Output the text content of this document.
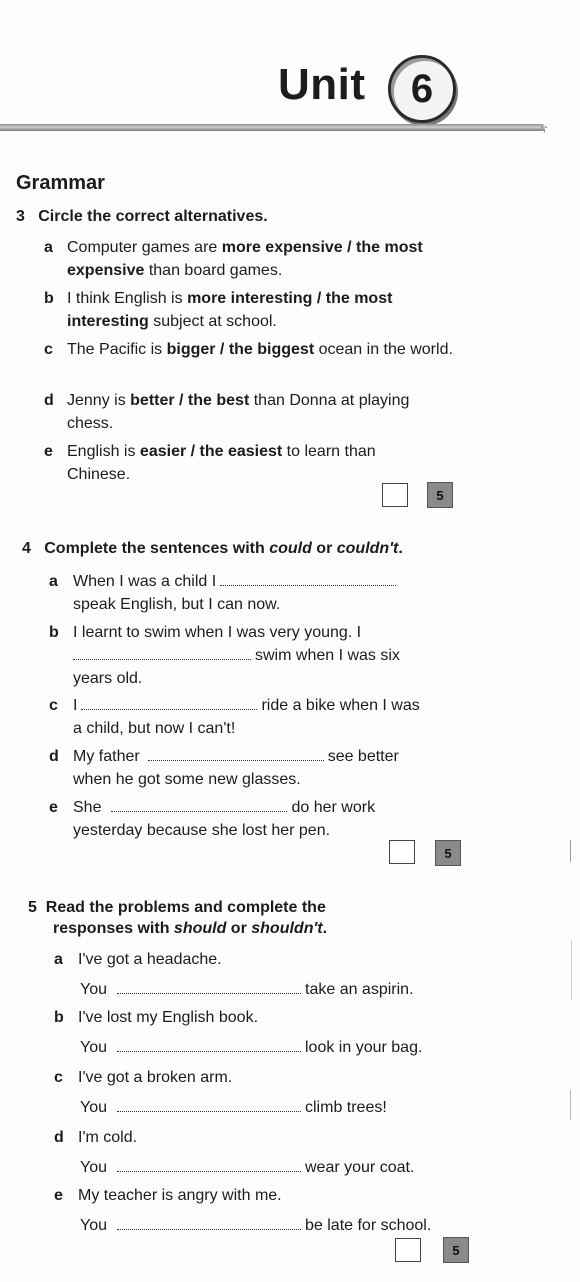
Unit	6
·‚·
Grammar
3 Circle the correct alternatives.
a Computer games are more expensive / the most expensive than board games.
b I think English is more interesting / the most interesting subject at school.
c The Pacific is bigger / the biggest ocean in the world.
d Jenny is better / the best than Donna at playing chess.
e English is easier / the easiest to learn than Chinese.
5
4 Complete the sentences with could or couldn't.
a When I was a child I
speak English, but I can now.
b I learnt to swim when I was very young. I
swim when I was six
years old.
c I	ride a bike when I was
a child, but now I can't!
d My father	see better
when he got some new glasses.
e She	do her work
yesterday because she lost her pen.
5
5 Read the problems and complete the
responses with should or shouldn't.
a I've got a headache.
You	take an aspirin.
b I've lost my English book.
You	look in your bag.
c I've got a broken arm.
You	climb trees!
d I'm cold.
You	wear your coat.
e My teacher is angry with me.
You	be late for school.
5
